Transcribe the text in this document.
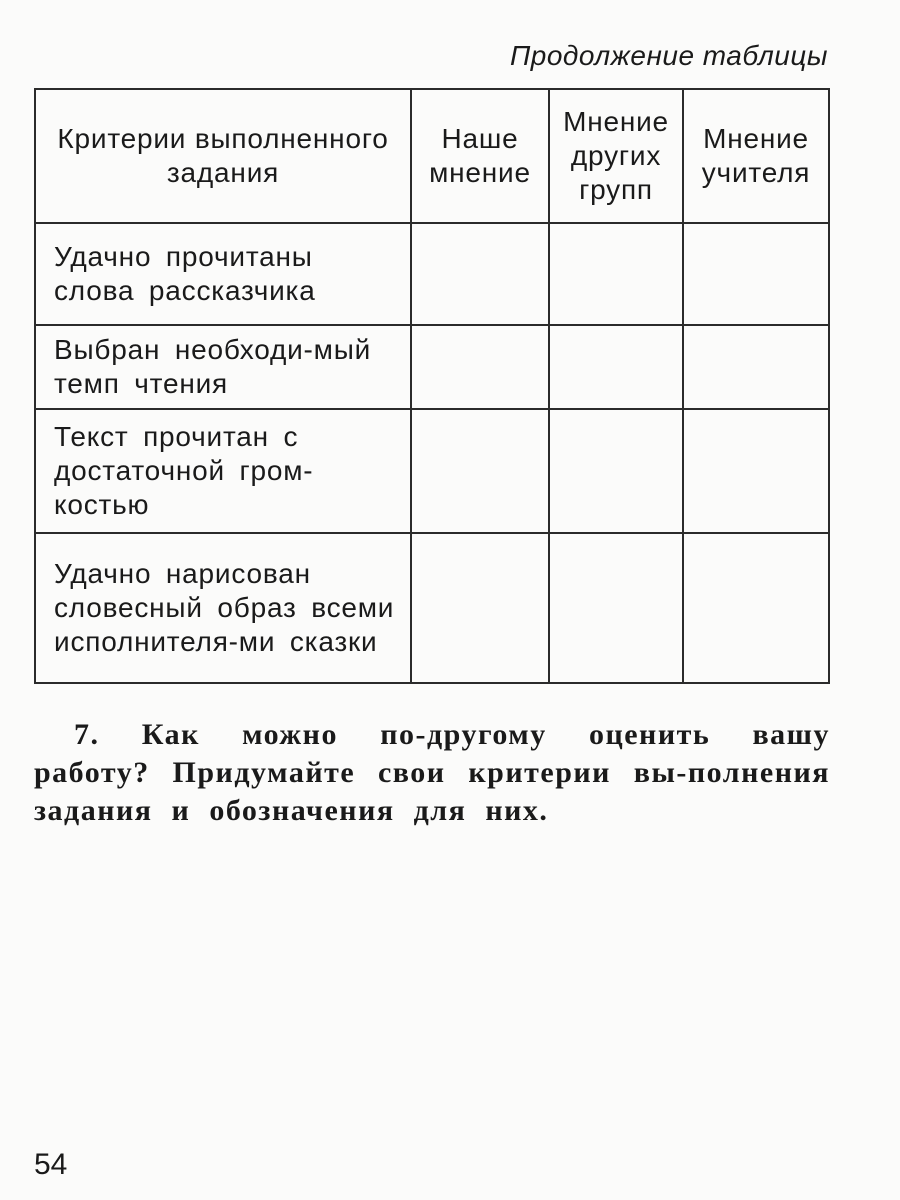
Продолжение таблицы
Критерии выполненного задания	Наше мнение	Мнение других групп	Мнение учителя
Удачно прочитаны слова рассказчика			
Выбран необходи-мый темп чтения			
Текст прочитан с достаточной гром-костью			
Удачно нарисован словесный образ всеми исполнителя-ми сказки			
7. Как можно по-другому оценить вашу работу? Придумайте свои критерии вы-полнения задания и обозначения для них.
54
